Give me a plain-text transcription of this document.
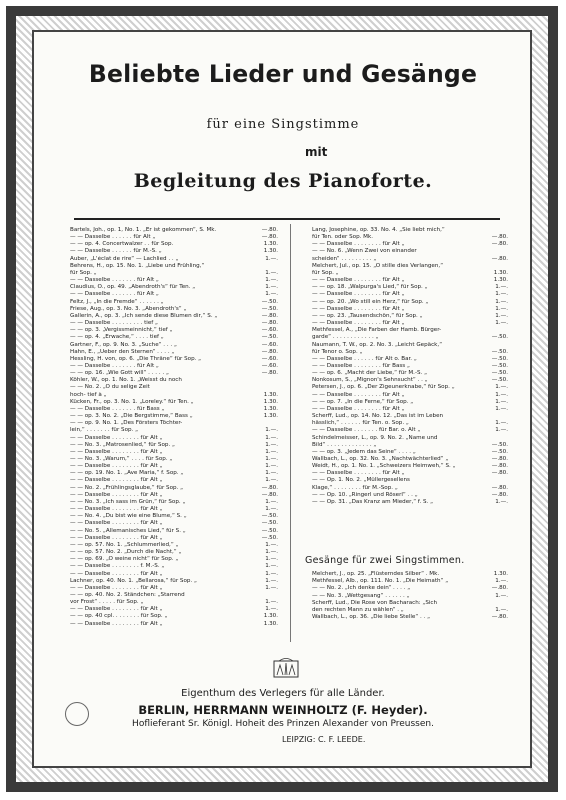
Beliebte Lieder und Gesänge
für eine Singstimme
mit
Begleitung des Pianoforte.
Bartels, Joh., op. 1, No. 1. „Er ist gekommen“, S. Mk.	—.80.
— — Dasselbe . . . . . . für Alt „	—.80.
— — op. 4. Concertwalzer . . für Sop.	1.30.
— — Dasselbe . . . . . . für M.-S. „	1.30.
Auber, „L'éclat de rire“ — Lachlied . . „	1.—.
Behrens, H., op. 15. No. 1. „Liebe und Frühling,“
für Sop. „	1.—.
— — Dasselbe . . . . . . . für Alt „	1.—.
Claudius, O., op. 49. „Abendroth's“ für Ten. „	1.—.
— — Dasselbe . . . . . . . für Alt „	1.—.
Feltz, J., „In die Fremde“ . . . . . . „	—.50.
Friese, Aug., op. 3. No. 3. „Abendroth's“ „	—.50.
Gallerin, A., op. 3. „Ich sende diese Blumen dir,“ S. „	—.80.
— — Dasselbe . . . . . . . . . tief „	—.80.
— — op. 3. „Vergissmeinnicht,“ tief „	—.60.
— — op. 4. „Erwache,“ . . . . tief „	—.50.
Gartner, F., op. 9. No. 3. „Suche“ . . . „	—.60.
Hahn, E., „Ueber den Sternen“ . . . . „	—.80.
Hessling, H. von, op. 6. „Die Thräne“ für Sop. „	—.60.
— — Dasselbe . . . . . . . für Alt „	—.60.
— — op. 16. „Wie Gott will“ . . . . . „	—.80.
Köhler, W., op. 1. No. 1. „Weisst du noch
— — No. 2. „O du selige Zeit
hoch- tief à „	1.30.
Kücken, Fr., op. 3. No. 1. „Loreley.“ für Ten. „	1.30.
— — Dasselbe . . . . . . . für Bass „	1.30.
— — op. 3. No. 2. „Die Bergstimme,“ Bass „	1.30.
— — op. 9. No. 1. „Des Försters Töchter-
lein,“ . . . . . . . für Sop. „	1.—.
— — Dasselbe . . . . . . . . für Alt „	1.—.
— — No. 3. „Matrosenlied,“ für Sop. „	1.—.
— — Dasselbe . . . . . . . . für Alt „	1.—.
— — No. 3. „Warum,“ . . . . für Sop. „	1.—.
— — Dasselbe . . . . . . . . für Alt „	1.—.
— — op. 19. No. 1. „Ave Maria,“ f. Sop. „	1.—.
— — Dasselbe . . . . . . . . für Alt „	1.—.
— — No. 2. „Frühlingsglaube,“ für Sop. „	—.80.
— — Dasselbe . . . . . . . . für Alt „	—.80.
— — No. 3. „Ich sass im Grün,“ für Sop. „	1.—.
— — Dasselbe . . . . . . . . für Alt „	1.—.
— — No. 4. „Du bist wie eine Blume,“ S. „	—.50.
— — Dasselbe . . . . . . . . für Alt „	—.50.
— — No. 5. „Allemanisches Lied,“ für S. „	—.50.
— — Dasselbe . . . . . . . . für Alt „	—.50.
— — op. 57. No. 1. „Schlummerlied,“ „	1.—.
— — op. 57. No. 2. „Durch die Nacht,“ „	1.—.
— — op. 69. „O weine nicht“ für Sop. „	1.—.
— — Dasselbe . . . . . . . . f. M.-S. „	1.—.
— — Dasselbe . . . . . . . . für Alt „	1.—.
Lachner, op. 40. No. 1. „Bellarosa,“ für Sop. „	1.—.
— — Dasselbe . . . . . . . . für Alt „	1.—.
— — op. 40. No. 2. Ständchen: „Starrend
vor Frost“ . . . . . für Sop. „	1.—.
— — Dasselbe . . . . . . . . für Alt „	1.—.
— — op. 40 cpl. . . . . . . . für Sop. „	1.30.
— — Dasselbe . . . . . . . . für Alt „	1.30.
Lang, Josephine, op. 33. No. 4. „Sie liebt mich,“
für Ten. oder Sop. Mk.	—.80.
— — Dasselbe . . . . . . . . für Alt „	—.80.
— — No. 6. „Wenn Zwei von einander
scheiden“ . . . . . . . . . „	—.80.
Melchert, Jul., op. 15. „O stille dies Verlangen,“
für Sop. „	1.30.
— — Dasselbe . . . . . . . . für Alt „	1.30.
— — op. 18. „Walpurga's Lied,“ für Sop. „	1.—.
— — Dasselbe . . . . . . . . für Alt „	1.—.
— — op. 20. „Wo still ein Herz,“ für Sop. „	1.—.
— — Dasselbe . . . . . . . . für Alt „	1.—.
— — op. 23. „Tausendschön,“ für Sop. „	1.—.
— — Dasselbe . . . . . . . . für Alt „	1.—.
Methfessel, A., „Die Farben der Hamb. Bürger-
garde“ . . . . . . . . . . . . „	—.50.
Naumann, T. W., op. 2. No. 3. „Leicht Gepäck,“
für Tenor o. Sop. „	—.50.
— — Dasselbe . . . . . . für Alt o. Bar. „	—.50.
— — Dasselbe . . . . . . . . für Bass „	—.50.
— — op. 6. „Macht der Liebe,“ für M.-S. „	—.50.
Nonkosum, S., „Mignon's Sehnsucht“ . . „	—.50.
Petersen, J., op. 6. „Der Zigeunerknabe,“ für Sop. „	1.—.
— — Dasselbe . . . . . . . . für Alt „	1.—.
— — op. 7. „In die Ferne,“ für Sop. „	1.—.
— — Dasselbe . . . . . . . . für Alt „	1.—.
Scherff, Lud., op. 14. No. 12. „Das ist im Leben
hässlich,“ . . . . . . für Ten. o. Sop. „	1.—.
— — Dasselbe . . . . . . . für Bar. o. Alt „	1.—.
Schindelmeisser, L., op. 9. No. 2. „Name und
Bild“ . . . . . . . . . . . . . „	—.50.
— — op. 3. „Jedem das Seine“ . . . . „	—.50.
Wallbach, L., op. 32. No. 3. „Nachtwächterlied“ „	—.80.
Weidt, H., op. 1. No. 1. „Schweizers Heimweh,“ S. „	—.80.
— — Dasselbe . . . . . . . . für Alt „	—.80.
— — Op. 1. No. 2. „Müllergesellens
Klage,“ . . . . . . . . für M.-Sop. „	—.80.
— — Op. 10. „Ringerl und Röserl“ . . „	—.80.
— — Op. 31. „Das Kranz am Mieder,“ f. S. „	1.—.
Gesänge für zwei Singstimmen.
Melchert, J., op. 25. „Flüsterndes Silber“ . Mk.	1.30.
Methfessel, Alb., op. 111. No. 1. „Die Heimath“ „	1.—.
— — No. 2. „Ich denke dein“ . . . . „	—.80.
— — No. 3. „Wettgesang“ . . . . . . „	1.—.
Scherff, Lud., Die Rose von Bacharach: „Sich
den rechten Mann zu wählen“ . „	1.—.
Wallbach, L., op. 36. „Die liebe Stelle“ . . „	—.80.
Eigenthum des Verlegers für alle Länder.
BERLIN, HERRMANN WEINHOLTZ (F. Heyder).
Hoflieferant Sr. Königl. Hoheit des Prinzen Alexander von Preussen.
LEIPZIG: C. F. LEEDE.
